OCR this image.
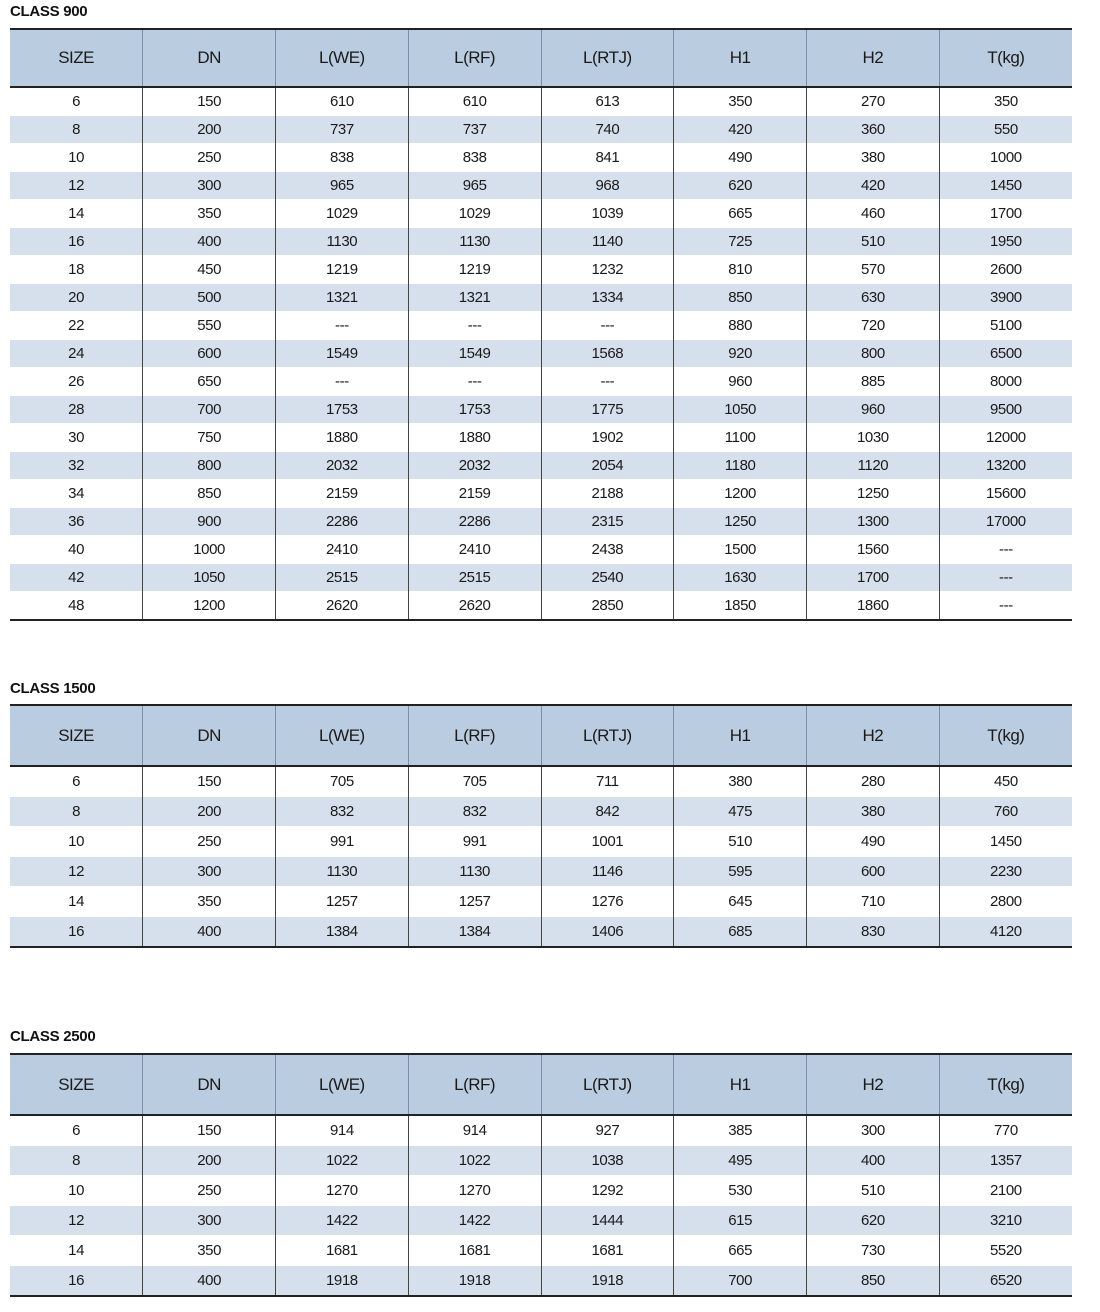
CLASS 900
SIZE	DN	L(WE)	L(RF)	L(RTJ)	H1	H2	T(kg)
6	150	610	610	613	350	270	350
8	200	737	737	740	420	360	550
10	250	838	838	841	490	380	1000
12	300	965	965	968	620	420	1450
14	350	1029	1029	1039	665	460	1700
16	400	1130	1130	1140	725	510	1950
18	450	1219	1219	1232	810	570	2600
20	500	1321	1321	1334	850	630	3900
22	550	---	---	---	880	720	5100
24	600	1549	1549	1568	920	800	6500
26	650	---	---	---	960	885	8000
28	700	1753	1753	1775	1050	960	9500
30	750	1880	1880	1902	1100	1030	12000
32	800	2032	2032	2054	1180	1120	13200
34	850	2159	2159	2188	1200	1250	15600
36	900	2286	2286	2315	1250	1300	17000
40	1000	2410	2410	2438	1500	1560	---
42	1050	2515	2515	2540	1630	1700	---
48	1200	2620	2620	2850	1850	1860	---
CLASS 1500
SIZE	DN	L(WE)	L(RF)	L(RTJ)	H1	H2	T(kg)
6	150	705	705	711	380	280	450
8	200	832	832	842	475	380	760
10	250	991	991	1001	510	490	1450
12	300	1130	1130	1146	595	600	2230
14	350	1257	1257	1276	645	710	2800
16	400	1384	1384	1406	685	830	4120
CLASS 2500
SIZE	DN	L(WE)	L(RF)	L(RTJ)	H1	H2	T(kg)
6	150	914	914	927	385	300	770
8	200	1022	1022	1038	495	400	1357
10	250	1270	1270	1292	530	510	2100
12	300	1422	1422	1444	615	620	3210
14	350	1681	1681	1681	665	730	5520
16	400	1918	1918	1918	700	850	6520
